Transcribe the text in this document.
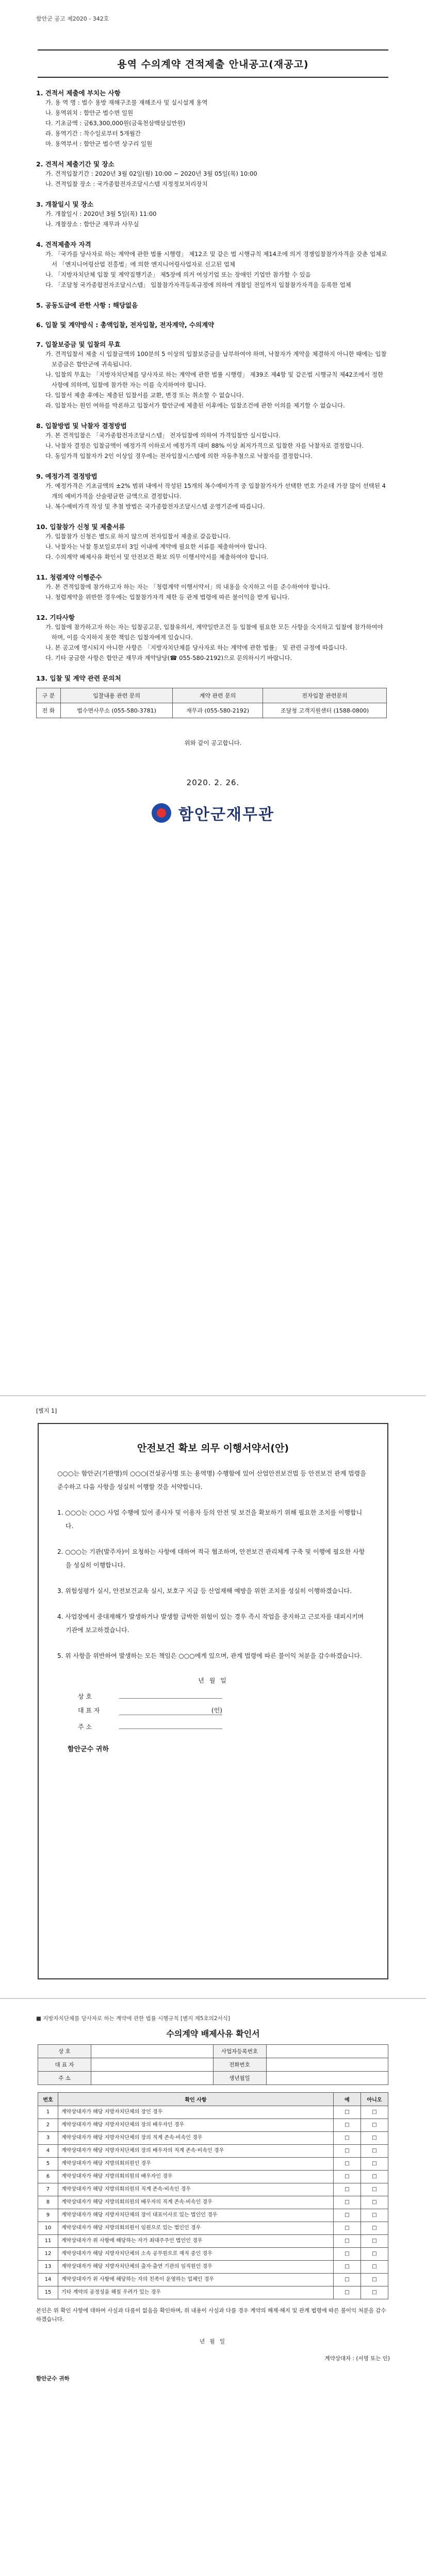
함안군 공고 제2020 - 342호
용역 수의계약 견적제출 안내공고(재공고)
1. 견적서 제출에 부치는 사항
가. 용 역 명 : 법수 용방 재해구조물 재해조사 및 실시설계 용역
나. 용역위치 : 함안군 법수면 일원
다. 기초금액 : 금63,300,000원(금육천삼백삼십만원)
라. 용역기간 : 착수일로부터 5개월간
마. 용역부서 : 함안군 법수면 상구리 일원
2. 견적서 제출기간 및 장소
가. 견적입찰기간 : 2020년 3월 02일(월) 10:00 ~ 2020년 3월 05일(목) 10:00
나. 견적입찰 장소 : 국가종합전자조달시스템 지정정보처리장치
3. 개찰일시 및 장소
가. 개찰일시 : 2020년 3월 5일(목) 11:00
나. 개찰장소 : 함안군 재무과 사무실
4. 견적제출자 자격
가. 「국가를 당사자로 하는 계약에 관한 법률 시행령」 제12조 및 같은 법 시행규칙 제14조에 의거 경쟁입찰참가자격을 갖춘 업체로서 「엔지니어링산업 진흥법」에 의한 엔지니어링사업자로 신고된 업체
나. 「지방자치단체 입찰 및 계약집행기준」 제5장에 의거 여성기업 또는 장애인 기업만 참가할 수 있음
다. 「조달청 국가종합전자조달시스템」 입찰참가자격등록규정에 의하여 개찰일 전일까지 입찰참가자격을 등록한 업체
5. 공동도급에 관한 사항 : 해당없음
6. 입찰 및 계약방식 : 총액입찰, 전자입찰, 전자계약, 수의계약
7. 입찰보증금 및 입찰의 무효
가. 견적입찰서 제출 시 입찰금액의 100분의 5 이상의 입찰보증금을 납부하여야 하며, 낙찰자가 계약을 체결하지 아니한 때에는 입찰보증금은 함안군에 귀속됩니다.
나. 입찰의 무효는 「지방자치단체를 당사자로 하는 계약에 관한 법률 시행령」 제39조 제4항 및 같은법 시행규칙 제42조에서 정한 사항에 의하며, 입찰에 참가한 자는 이를 숙지하여야 합니다.
다. 입찰서 제출 후에는 제출된 입찰서를 교환, 변경 또는 취소할 수 없습니다.
라. 입찰자는 원인 여하를 막론하고 입찰서가 함안군에 제출된 이후에는 입찰조건에 관한 이의를 제기할 수 없습니다.
8. 입찰방법 및 낙찰자 결정방법
가. 본 견적입찰은 「국가종합전자조달시스템」 전자입찰에 의하여 가격입찰만 실시합니다.
나. 낙찰자 결정은 입찰금액이 예정가격 이하로서 예정가격 대비 88% 이상 최저가격으로 입찰한 자를 낙찰자로 결정합니다.
다. 동일가격 입찰자가 2인 이상일 경우에는 전자입찰시스템에 의한 자동추첨으로 낙찰자를 결정합니다.
9. 예정가격 결정방법
가. 예정가격은 기초금액의 ±2% 범위 내에서 작성된 15개의 복수예비가격 중 입찰참가자가 선택한 번호 가운데 가장 많이 선택된 4개의 예비가격을 산술평균한 금액으로 결정합니다.
나. 복수예비가격 작성 및 추첨 방법은 국가종합전자조달시스템 운영기준에 따릅니다.
10. 입찰참가 신청 및 제출서류
가. 입찰참가 신청은 별도로 하지 않으며 전자입찰서 제출로 갈음합니다.
나. 낙찰자는 낙찰 통보일로부터 3일 이내에 계약에 필요한 서류를 제출하여야 합니다.
다. 수의계약 배제사유 확인서 및 안전보건 확보 의무 이행서약서를 제출하여야 합니다.
11. 청렴계약 이행준수
가. 본 견적입찰에 참가하고자 하는 자는 「청렴계약 이행서약서」의 내용을 숙지하고 이를 준수하여야 합니다.
나. 청렴계약을 위반한 경우에는 입찰참가자격 제한 등 관계 법령에 따른 불이익을 받게 됩니다.
12. 기타사항
가. 입찰에 참가하고자 하는 자는 입찰공고문, 입찰유의서, 계약일반조건 등 입찰에 필요한 모든 사항을 숙지하고 입찰에 참가하여야 하며, 이를 숙지하지 못한 책임은 입찰자에게 있습니다.
나. 본 공고에 명시되지 아니한 사항은 「지방자치단체를 당사자로 하는 계약에 관한 법률」 및 관련 규정에 따릅니다.
다. 기타 궁금한 사항은 함안군 재무과 계약담당(☎ 055-580-2192)으로 문의하시기 바랍니다.
13. 입찰 및 계약 관련 문의처
구 분	입찰내용 관련 문의	계약 관련 문의	전자입찰 관련문의
전 화	법수면사무소 (055-580-3781)	재무과 (055-580-2192)	조달청 고객지원센터 (1588-0800)
위와 같이 공고합니다.
2020. 2. 26.
함안군재무관
[별지 1]
안전보건 확보 의무 이행서약서(안)
○○○는 함안군(기관명)의 ○○○(건설공사명 또는 용역명) 수행함에 있어 산업안전보건법 등 안전보건 관계 법령을 준수하고 다음 사항을 성실히 이행할 것을 서약합니다.
1. ○○○는 ○○○ 사업 수행에 있어 종사자 및 이용자 등의 안전 및 보건을 확보하기 위해 필요한 조치를 이행합니다.
2. ○○○는 기관(발주자)이 요청하는 사항에 대하여 적극 협조하며, 안전보건 관리체계 구축 및 이행에 필요한 사항을 성실히 이행합니다.
3. 위험성평가 실시, 안전보건교육 실시, 보호구 지급 등 산업재해 예방을 위한 조치를 성실히 이행하겠습니다.
4. 사업장에서 중대재해가 발생하거나 발생할 급박한 위험이 있는 경우 즉시 작업을 중지하고 근로자를 대피시키며 기관에 보고하겠습니다.
5. 위 사항을 위반하여 발생하는 모든 책임은 ○○○에게 있으며, 관계 법령에 따른 불이익 처분을 감수하겠습니다.
년 월 일
상 호
대 표 자	(인)
주 소
함안군수 귀하
■ 지방자치단체를 당사자로 하는 계약에 관한 법률 시행규칙 [별지 제5호의2서식]
수의계약 배제사유 확인서
상 호		사업자등록번호	
대 표 자		전화번호	
주 소		생년월일	
번호	확인 사항	예	아니오
1	계약상대자가 해당 지방자치단체의 장인 경우	□	□
2	계약상대자가 해당 지방자치단체의 장의 배우자인 경우	□	□
3	계약상대자가 해당 지방자치단체의 장의 직계 존속·비속인 경우	□	□
4	계약상대자가 해당 지방자치단체의 장의 배우자의 직계 존속·비속인 경우	□	□
5	계약상대자가 해당 지방의회의원인 경우	□	□
6	계약상대자가 해당 지방의회의원의 배우자인 경우	□	□
7	계약상대자가 해당 지방의회의원의 직계 존속·비속인 경우	□	□
8	계약상대자가 해당 지방의회의원의 배우자의 직계 존속·비속인 경우	□	□
9	계약상대자가 해당 지방자치단체의 장이 대표이사로 있는 법인인 경우	□	□
10	계약상대자가 해당 지방의회의원이 임원으로 있는 법인인 경우	□	□
11	계약상대자가 위 사항에 해당하는 자가 최대주주인 법인인 경우	□	□
12	계약상대자가 해당 지방자치단체의 소속 공무원으로 재직 중인 경우	□	□
13	계약상대자가 해당 지방자치단체의 출자·출연 기관의 임직원인 경우	□	□
14	계약상대자가 위 사항에 해당하는 자의 친족이 운영하는 업체인 경우	□	□
15	기타 계약의 공정성을 해칠 우려가 있는 경우	□	□
본인은 위 확인 사항에 대하여 사실과 다름이 없음을 확인하며, 위 내용이 사실과 다를 경우 계약의 해제·해지 및 관계 법령에 따른 불이익 처분을 감수하겠습니다.
년 월 일
계약상대자 : (서명 또는 인)
함안군수 귀하
